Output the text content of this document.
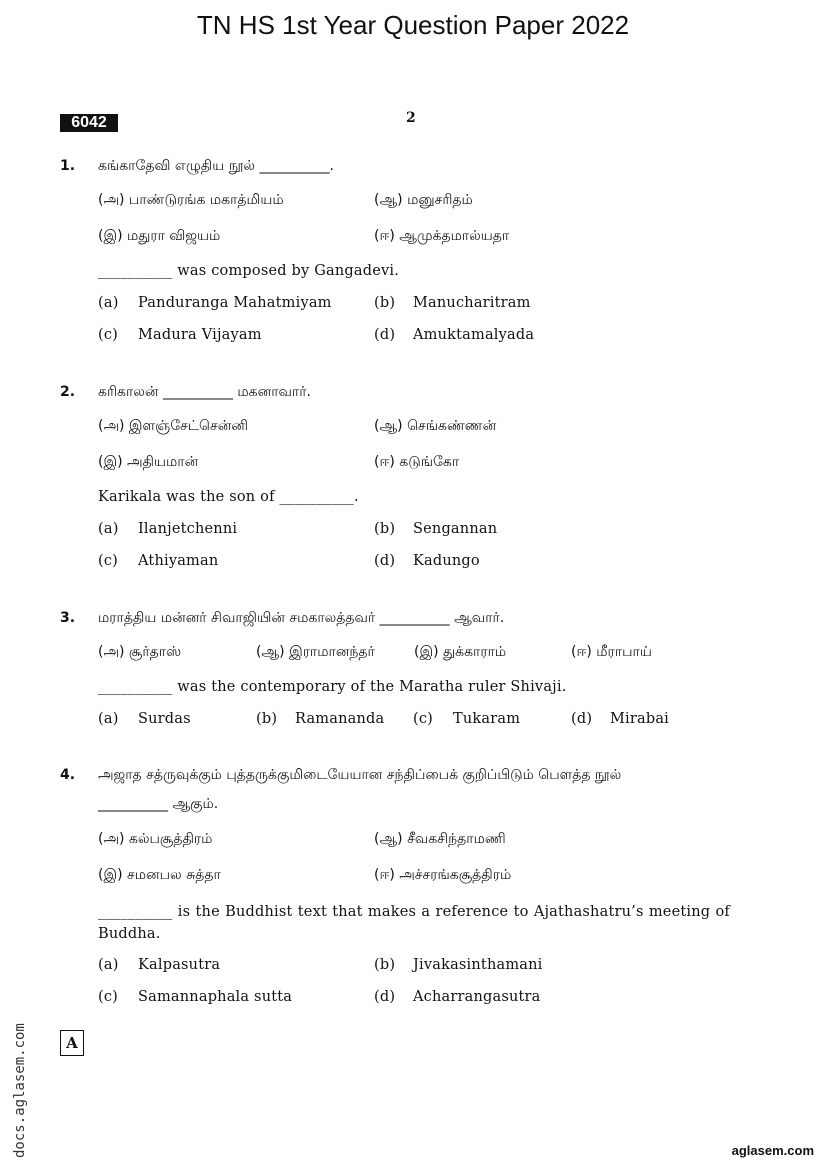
TN HS 1st Year Question Paper 2022
6042	2
1. கங்காதேவி எழுதிய நூல் __________.
(அ) பாண்டுரங்க மகாத்மியம்	(ஆ) மனுசரிதம்
(இ) மதுரா விஜயம்	(ஈ) ஆமுக்தமால்யதா
__________ was composed by Gangadevi.
(a) Panduranga Mahatmiyam	(b) Manucharitram
(c) Madura Vijayam	(d) Amuktamalyada
2. கரிகாலன் __________ மகனாவார்.
(அ) இளஞ்சேட்சென்னி	(ஆ) செங்கண்ணன்
(இ) அதியமான்	(ஈ) கடுங்கோ
Karikala was the son of __________.
(a) Ilanjetchenni	(b) Sengannan
(c) Athiyaman	(d) Kadungo
3. மராத்திய மன்னர் சிவாஜியின் சமகாலத்தவர் __________ ஆவார்.
(அ) சூர்தாஸ்	(ஆ) இராமானந்தர்	(இ) துக்காராம்	(ஈ) மீராபாய்
__________ was the contemporary of the Maratha ruler Shivaji.
(a) Surdas	(b) Ramananda (c) Tukaram	(d) Mirabai
4. அஜாத சத்ருவுக்கும் புத்தருக்குமிடையேயான சந்திப்பைக் குறிப்பிடும் பௌத்த நூல்
__________ ஆகும்.
(அ) கல்பசூத்திரம்	(ஆ) சீவகசிந்தாமணி
(இ) சமனபல சுத்தா	(ஈ) அச்சரங்கசூத்திரம்
__________ is the Buddhist text that makes a reference to Ajathashatru’s meeting of Buddha.
(a) Kalpasutra	(b) Jivakasinthamani
(c) Samannaphala sutta	(d) Acharrangasutra
docs.aglasem.com	A
aglasem.com
